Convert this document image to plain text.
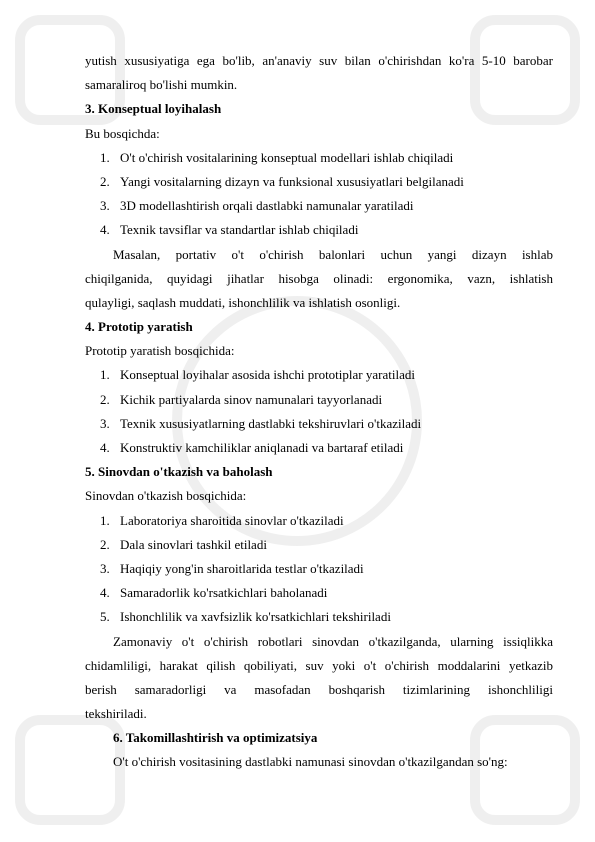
yutish xususiyatiga ega bo'lib, an'anaviy suv bilan o'chirishdan ko'ra 5-10 barobar
samaraliroq bo'lishi mumkin.
3. Konseptual loyihalash
Bu bosqichda:
1. O't o'chirish vositalarining konseptual modellari ishlab chiqiladi
2. Yangi vositalarning dizayn va funksional xususiyatlari belgilanadi
3. 3D modellashtirish orqali dastlabki namunalar yaratiladi
4. Texnik tavsiflar va standartlar ishlab chiqiladi
Masalan, portativ o't o'chirish balonlari uchun yangi dizayn ishlab
chiqilganida, quyidagi jihatlar hisobga olinadi: ergonomika, vazn, ishlatish
qulayligi, saqlash muddati, ishonchlilik va ishlatish osonligi.
4. Prototip yaratish
Prototip yaratish bosqichida:
1. Konseptual loyihalar asosida ishchi prototiplar yaratiladi
2. Kichik partiyalarda sinov namunalari tayyorlanadi
3. Texnik xususiyatlarning dastlabki tekshiruvlari o'tkaziladi
4. Konstruktiv kamchiliklar aniqlanadi va bartaraf etiladi
5. Sinovdan o'tkazish va baholash
Sinovdan o'tkazish bosqichida:
1. Laboratoriya sharoitida sinovlar o'tkaziladi
2. Dala sinovlari tashkil etiladi
3. Haqiqiy yong'in sharoitlarida testlar o'tkaziladi
4. Samaradorlik ko'rsatkichlari baholanadi
5. Ishonchlilik va xavfsizlik ko'rsatkichlari tekshiriladi
Zamonaviy o't o'chirish robotlari sinovdan o'tkazilganda, ularning issiqlikka
chidamliligi, harakat qilish qobiliyati, suv yoki o't o'chirish moddalarini yetkazib
berish samaradorligi va masofadan boshqarish tizimlarining ishonchliligi
tekshiriladi.
6. Takomillashtirish va optimizatsiya
O't o'chirish vositasining dastlabki namunasi sinovdan o'tkazilgandan so'ng:
